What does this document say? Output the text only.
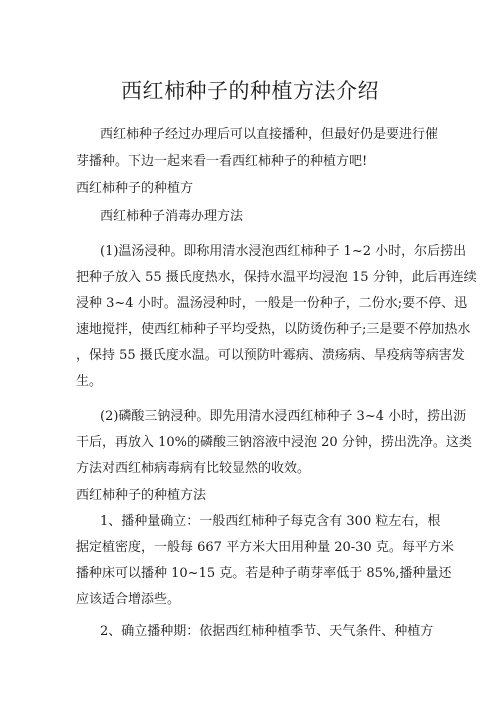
西红柿种子的种植方法介绍
西红柿种子经过办理后可以直接播种，但最好仍是要进行催
芽播种。下边一起来看一看西红柿种子的种植方吧!
西红柿种子的种植方
西红柿种子消毒办理方法
(1)温汤浸种。即称用清水浸泡西红柿种子 1~2 小时，尔后捞出
把种子放入 55 摄氏度热水，保持水温平均浸泡 15 分钟，此后再连续
浸种 3~4 小时。温汤浸种时，一般是一份种子，二份水;要不停、迅
速地搅拌，使西红柿种子平均受热，以防烫伤种子;三是要不停加热水
，保持 55 摄氏度水温。可以预防叶霉病、溃疡病、旱疫病等病害发
生。
(2)磷酸三钠浸种。即先用清水浸西红柿种子 3~4 小时，捞出沥
干后，再放入 10%的磷酸三钠溶液中浸泡 20 分钟，捞出洗净。这类
方法对西红柿病毒病有比较显然的收效。
西红柿种子的种植方法
1、播种量确立：一般西红柿种子每克含有 300 粒左右，根
据定植密度，一般每 667 平方米大田用种量 20-30 克。每平方米
播种床可以播种 10~15 克。若是种子萌芽率低于 85%,播种量还
应该适合增添些。
2、确立播种期：依据西红柿种植季节、天气条件、种植方
